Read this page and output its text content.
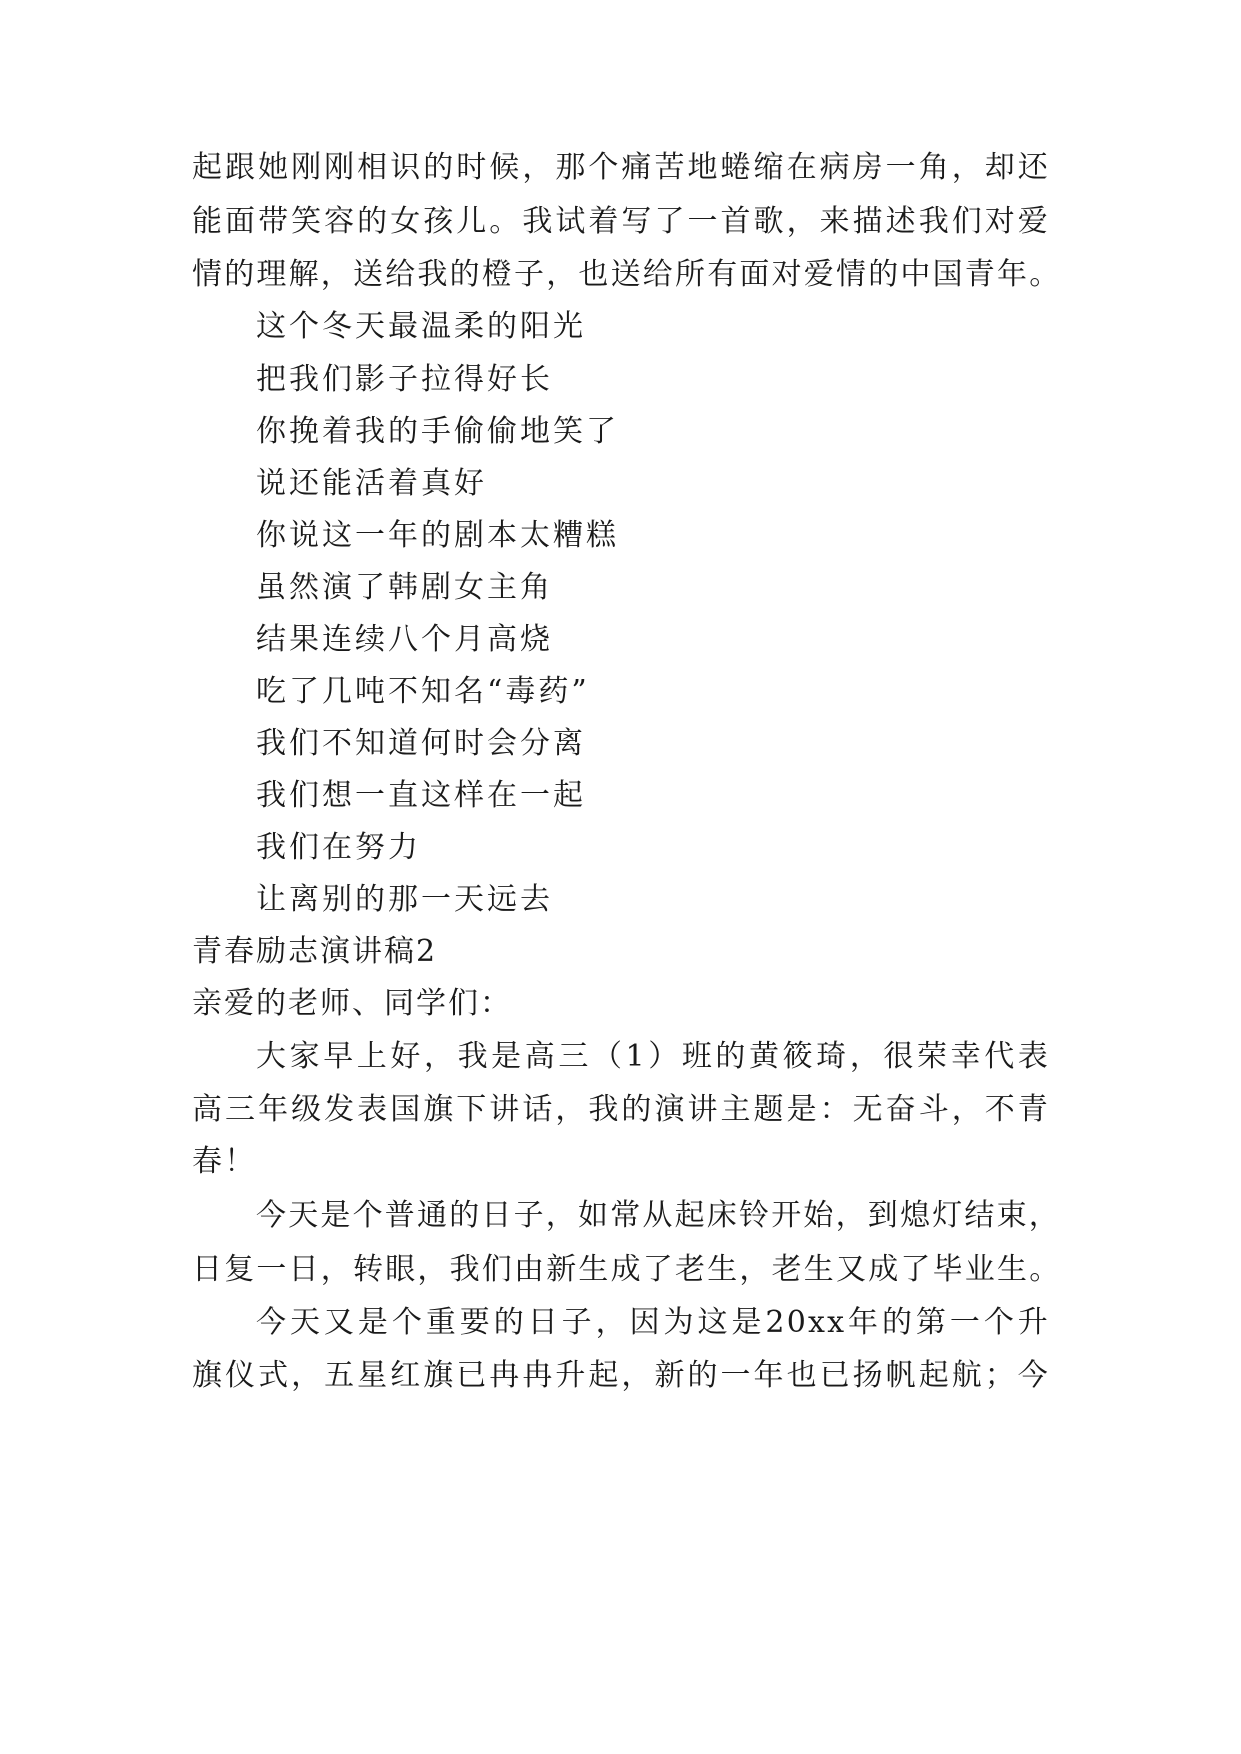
起跟她刚刚相识的时候，那个痛苦地蜷缩在病房一角，却还
能面带笑容的女孩儿。我试着写了一首歌，来描述我们对爱
情的理解，送给我的橙子，也送给所有面对爱情的中国青年。
这个冬天最温柔的阳光
把我们影子拉得好长
你挽着我的手偷偷地笑了
说还能活着真好
你说这一年的剧本太糟糕
虽然演了韩剧女主角
结果连续八个月高烧
吃了几吨不知名“毒药”
我们不知道何时会分离
我们想一直这样在一起
我们在努力
让离别的那一天远去
青春励志演讲稿2
亲爱的老师、同学们：
大家早上好，我是高三（1）班的黄筱琦，很荣幸代表
高三年级发表国旗下讲话，我的演讲主题是：无奋斗，不青
春！
今天是个普通的日子，如常从起床铃开始，到熄灯结束，
日复一日，转眼，我们由新生成了老生，老生又成了毕业生。
今天又是个重要的日子，因为这是20xx年的第一个升
旗仪式，五星红旗已冉冉升起，新的一年也已扬帆起航；今
